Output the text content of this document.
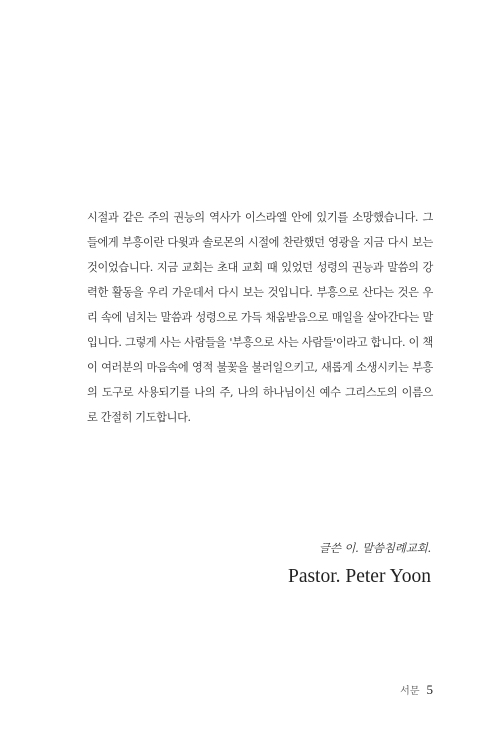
시절과 같은 주의 권능의 역사가 이스라엘 안에 있기를 소망했습니다. 그
들에게 부흥이란 다윗과 솔로몬의 시절에 찬란했던 영광을 지금 다시 보는
것이었습니다. 지금 교회는 초대 교회 때 있었던 성령의 권능과 말씀의 강
력한 활동을 우리 가운데서 다시 보는 것입니다. 부흥으로 산다는 것은 우
리 속에 넘치는 말씀과 성령으로 가득 채움받음으로 매일을 살아간다는 말
입니다. 그렇게 사는 사람들을 '부흥으로 사는 사람들'이라고 합니다. 이 책
이 여러분의 마음속에 영적 불꽃을 불러일으키고, 새롭게 소생시키는 부흥
의 도구로 사용되기를 나의 주, 나의 하나님이신 예수 그리스도의 이름으
로 간절히 기도합니다.
글쓴 이. 말씀침례교회.
Pastor. Peter Yoon
서문 5
